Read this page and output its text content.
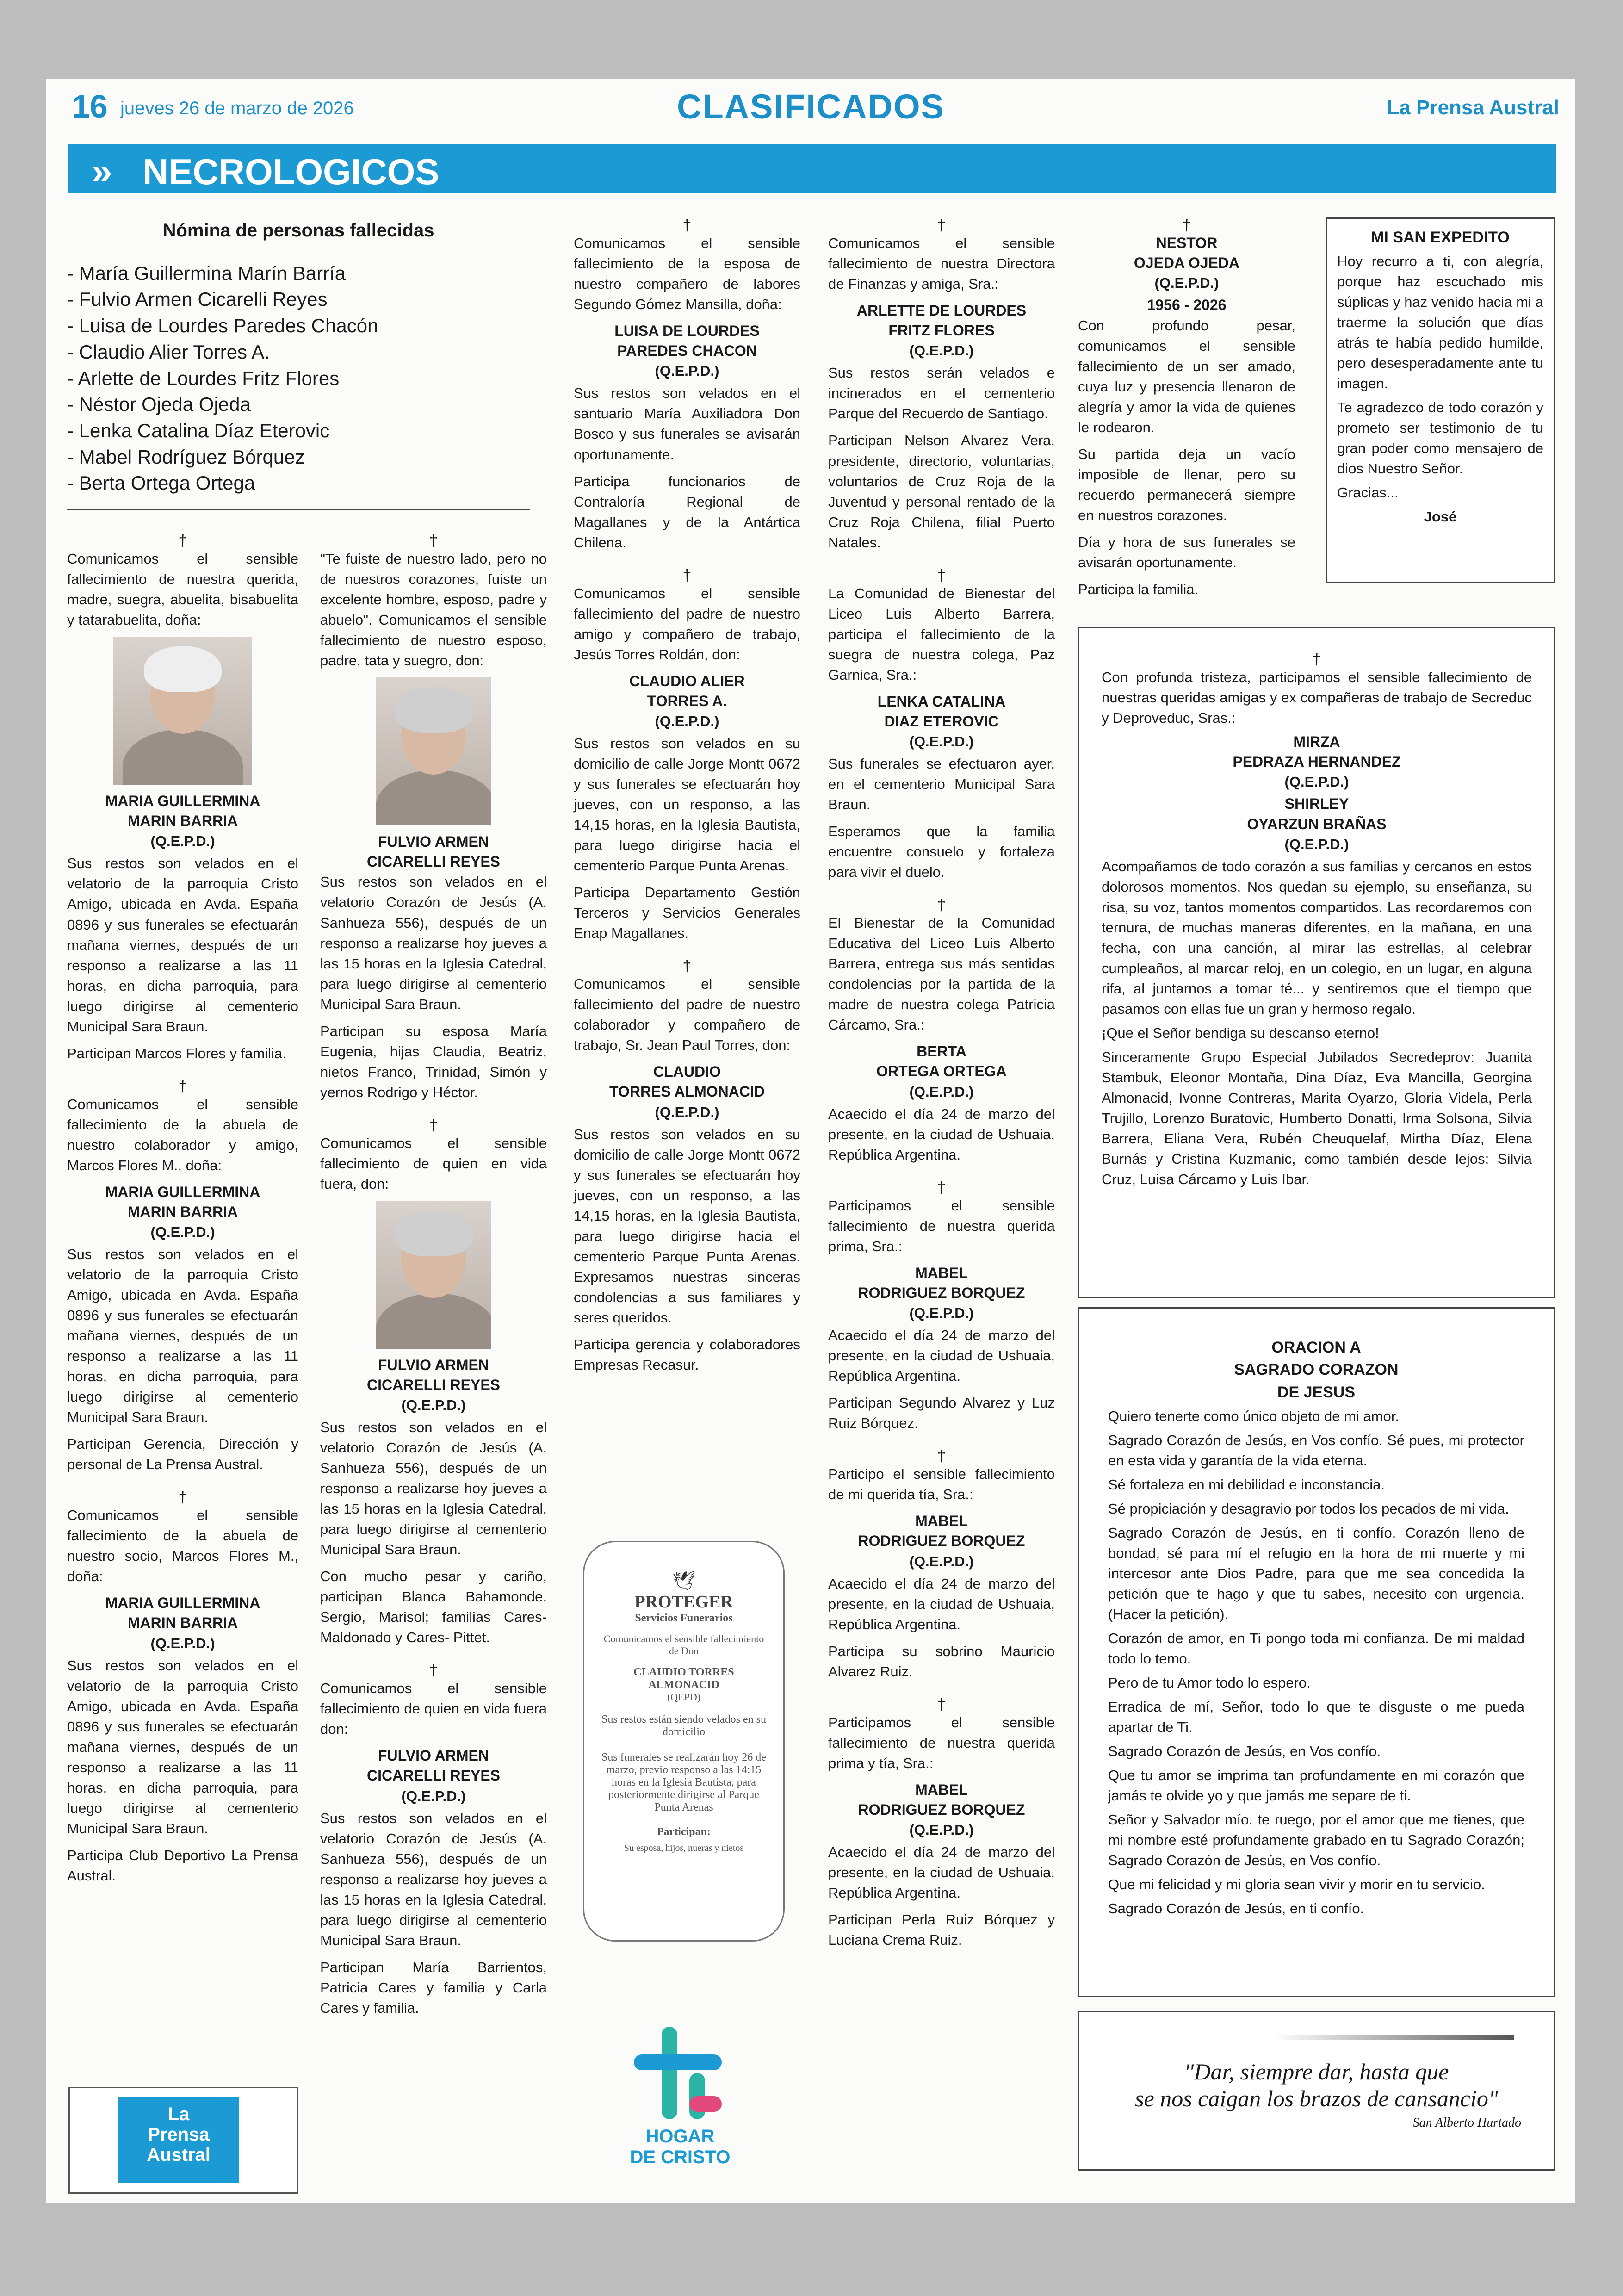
16 jueves 26 de marzo de 2026	CLASIFICADOS	La Prensa Austral
» NECROLOGICOS
Nómina de personas fallecidas
- María Guillermina Marín Barría
- Fulvio Armen Cicarelli Reyes
- Luisa de Lourdes Paredes Chacón
- Claudio Alier Torres A.
- Arlette de Lourdes Fritz Flores
- Néstor Ojeda Ojeda
- Lenka Catalina Díaz Eterovic
- Mabel Rodríguez Bórquez
- Berta Ortega Ortega
†

Comunicamos el sensible fallecimiento de nuestra querida, madre, suegra, abuelita, bisabuelita y tatarabuelita, doña:

MARIA GUILLERMINA
MARIN BARRIA
(Q.E.P.D.)

Sus restos son velados en el velatorio de la parroquia Cristo Amigo, ubicada en Avda. España 0896 y sus funerales se efectuarán mañana viernes, después de un responso a realizarse a las 11 horas, en dicha parroquia, para luego dirigirse al cementerio Municipal Sara Braun.

Participan Marcos Flores y familia.

†

Comunicamos el sensible fallecimiento de la abuela de nuestro colaborador y amigo, Marcos Flores M., doña:

MARIA GUILLERMINA
MARIN BARRIA
(Q.E.P.D.)

Sus restos son velados en el velatorio de la parroquia Cristo Amigo, ubicada en Avda. España 0896 y sus funerales se efectuarán mañana viernes, después de un responso a realizarse a las 11 horas, en dicha parroquia, para luego dirigirse al cementerio Municipal Sara Braun.

Participan Gerencia, Dirección y personal de La Prensa Austral.

†

Comunicamos el sensible fallecimiento de la abuela de nuestro socio, Marcos Flores M., doña:

MARIA GUILLERMINA
MARIN BARRIA
(Q.E.P.D.)

Sus restos son velados en el velatorio de la parroquia Cristo Amigo, ubicada en Avda. España 0896 y sus funerales se efectuarán mañana viernes, después de un responso a realizarse a las 11 horas, en dicha parroquia, para luego dirigirse al cementerio Municipal Sara Braun.

Participa Club Deportivo La Prensa Austral.

La
Prensa
Austral
†

"Te fuiste de nuestro lado, pero no de nuestros corazones, fuiste un excelente hombre, esposo, padre y abuelo". Comunicamos el sensible fallecimiento de nuestro esposo, padre, tata y suegro, don:

FULVIO ARMEN
CICARELLI REYES

Sus restos son velados en el velatorio Corazón de Jesús (A. Sanhueza 556), después de un responso a realizarse hoy jueves a las 15 horas en la Iglesia Catedral, para luego dirigirse al cementerio Municipal Sara Braun.

Participan su esposa María Eugenia, hijas Claudia, Beatriz, nietos Franco, Trinidad, Simón y yernos Rodrigo y Héctor.

†

Comunicamos el sensible fallecimiento de quien en vida fuera, don:

FULVIO ARMEN
CICARELLI REYES
(Q.E.P.D.)

Sus restos son velados en el velatorio Corazón de Jesús (A. Sanhueza 556), después de un responso a realizarse hoy jueves a las 15 horas en la Iglesia Catedral, para luego dirigirse al cementerio Municipal Sara Braun.

Con mucho pesar y cariño, participan Blanca Bahamonde, Sergio, Marisol; familias Cares- Maldonado y Cares- Pittet.

†

Comunicamos el sensible fallecimiento de quien en vida fuera don:

FULVIO ARMEN
CICARELLI REYES
(Q.E.P.D.)

Sus restos son velados en el velatorio Corazón de Jesús (A. Sanhueza 556), después de un responso a realizarse hoy jueves a las 15 horas en la Iglesia Catedral, para luego dirigirse al cementerio Municipal Sara Braun.

Participan María Barrientos, Patricia Cares y familia y Carla Cares y familia.

†

Comunicamos el sensible fallecimiento de la esposa de nuestro compañero de labores Segundo Gómez Mansilla, doña:

LUISA DE LOURDES
PAREDES CHACON
(Q.E.P.D.)

Sus restos son velados en el santuario María Auxiliadora Don Bosco y sus funerales se avisarán oportunamente.

Participa funcionarios de Contraloría Regional de Magallanes y de la Antártica Chilena.

†

Comunicamos el sensible fallecimiento del padre de nuestro amigo y compañero de trabajo, Jesús Torres Roldán, don:

CLAUDIO ALIER
TORRES A.
(Q.E.P.D.)

Sus restos son velados en su domicilio de calle Jorge Montt 0672 y sus funerales se efectuarán hoy jueves, con un responso, a las 14,15 horas, en la Iglesia Bautista, para luego dirigirse hacia el cementerio Parque Punta Arenas.

Participa Departamento Gestión Terceros y Servicios Generales Enap Magallanes.

†

Comunicamos el sensible fallecimiento del padre de nuestro colaborador y compañero de trabajo, Sr. Jean Paul Torres, don:

CLAUDIO
TORRES ALMONACID
(Q.E.P.D.)

Sus restos son velados en su domicilio de calle Jorge Montt 0672 y sus funerales se efectuarán hoy jueves, con un responso, a las 14,15 horas, en la Iglesia Bautista, para luego dirigirse hacia el cementerio Parque Punta Arenas. Expresamos nuestras sinceras condolencias a sus familiares y seres queridos.

Participa gerencia y colaboradores Empresas Recasur.

🕊
PROTEGER
Servicios Funerarios
Comunicamos el sensible fallecimiento de Don
CLAUDIO TORRES ALMONACID
(QEPD)
Sus restos están siendo velados en su domicilio
Sus funerales se realizarán hoy 26 de marzo, previo responso a las 14:15 horas en la Iglesia Bautista, para posteriormente dirigirse al Parque Punta Arenas
Participan:
Su esposa, hijos, nueras y nietos
HOGAR
DE CRISTO
†

Comunicamos el sensible fallecimiento de nuestra Directora de Finanzas y amiga, Sra.:

ARLETTE DE LOURDES
FRITZ FLORES
(Q.E.P.D.)

Sus restos serán velados e incinerados en el cementerio Parque del Recuerdo de Santiago.

Participan Nelson Alvarez Vera, presidente, directorio, voluntarias, voluntarios de Cruz Roja de la Juventud y personal rentado de la Cruz Roja Chilena, filial Puerto Natales.

†

La Comunidad de Bienestar del Liceo Luis Alberto Barrera, participa el fallecimiento de la suegra de nuestra colega, Paz Garnica, Sra.:

LENKA CATALINA
DIAZ ETEROVIC
(Q.E.P.D.)

Sus funerales se efectuaron ayer, en el cementerio Municipal Sara Braun.

Esperamos que la familia encuentre consuelo y fortaleza para vivir el duelo.

†

El Bienestar de la Comunidad Educativa del Liceo Luis Alberto Barrera, entrega sus más sentidas condolencias por la partida de la madre de nuestra colega Patricia Cárcamo, Sra.:

BERTA
ORTEGA ORTEGA
(Q.E.P.D.)

Acaecido el día 24 de marzo del presente, en la ciudad de Ushuaia, República Argentina.

†

Participamos el sensible fallecimiento de nuestra querida prima, Sra.:

MABEL
RODRIGUEZ BORQUEZ
(Q.E.P.D.)

Acaecido el día 24 de marzo del presente, en la ciudad de Ushuaia, República Argentina.

Participan Segundo Alvarez y Luz Ruiz Bórquez.

†

Participo el sensible fallecimiento de mi querida tía, Sra.:

MABEL
RODRIGUEZ BORQUEZ
(Q.E.P.D.)

Acaecido el día 24 de marzo del presente, en la ciudad de Ushuaia, República Argentina.

Participa su sobrino Mauricio Alvarez Ruiz.

†

Participamos el sensible fallecimiento de nuestra querida prima y tía, Sra.:

MABEL
RODRIGUEZ BORQUEZ
(Q.E.P.D.)

Acaecido el día 24 de marzo del presente, en la ciudad de Ushuaia, República Argentina.

Participan Perla Ruiz Bórquez y Luciana Crema Ruiz.

†
NESTOR
OJEDA OJEDA
(Q.E.P.D.)
1956 - 2026

Con profundo pesar, comunicamos el sensible fallecimiento de un ser amado, cuya luz y presencia llenaron de alegría y amor la vida de quienes le rodearon.

Su partida deja un vacío imposible de llenar, pero su recuerdo permanecerá siempre en nuestros corazones.

Día y hora de sus funerales se avisarán oportunamente.

Participa la familia.

MI SAN EXPEDITO

Hoy recurro a ti, con alegría, porque haz escuchado mis súplicas y haz venido hacia mi a traerme la solución que días atrás te había pedido humilde, pero desesperadamente ante tu imagen.

Te agradezco de todo corazón y prometo ser testimonio de tu gran poder como mensajero de dios Nuestro Señor.

Gracias...

José

†

Con profunda tristeza, participamos el sensible fallecimiento de nuestras queridas amigas y ex compañeras de trabajo de Secreduc y Deproveduc, Sras.:

MIRZA
PEDRAZA HERNANDEZ
(Q.E.P.D.)
SHIRLEY
OYARZUN BRAÑAS
(Q.E.P.D.)

Acompañamos de todo corazón a sus familias y cercanos en estos dolorosos momentos. Nos quedan su ejemplo, su enseñanza, su risa, su voz, tantos momentos compartidos. Las recordaremos con ternura, de muchas maneras diferentes, en la mañana, en una fecha, con una canción, al mirar las estrellas, al celebrar cumpleaños, al marcar reloj, en un colegio, en un lugar, en alguna rifa, al juntarnos a tomar té... y sentiremos que el tiempo que pasamos con ellas fue un gran y hermoso regalo.

¡Que el Señor bendiga su descanso eterno!

Sinceramente Grupo Especial Jubilados Secredeprov: Juanita Stambuk, Eleonor Montaña, Dina Díaz, Eva Mancilla, Georgina Almonacid, Ivonne Contreras, Marita Oyarzo, Gloria Videla, Perla Trujillo, Lorenzo Buratovic, Humberto Donatti, Irma Solsona, Silvia Barrera, Eliana Vera, Rubén Cheuquelaf, Mirtha Díaz, Elena Burnás y Cristina Kuzmanic, como también desde lejos: Silvia Cruz, Luisa Cárcamo y Luis Ibar.

ORACION A
SAGRADO CORAZON
DE JESUS

Quiero tenerte como único objeto de mi amor.

Sagrado Corazón de Jesús, en Vos confío. Sé pues, mi protector en esta vida y garantía de la vida eterna.

Sé fortaleza en mi debilidad e inconstancia.

Sé propiciación y desagravio por todos los pecados de mi vida.

Sagrado Corazón de Jesús, en ti confío. Corazón lleno de bondad, sé para mí el refugio en la hora de mi muerte y mi intercesor ante Dios Padre, para que me sea concedida la petición que te hago y que tu sabes, necesito con urgencia. (Hacer la petición).

Corazón de amor, en Ti pongo toda mi confianza. De mi maldad todo lo temo.

Pero de tu Amor todo lo espero.

Erradica de mí, Señor, todo lo que te disguste o me pueda apartar de Ti.

Sagrado Corazón de Jesús, en Vos confío.

Que tu amor se imprima tan profundamente en mi corazón que jamás te olvide yo y que jamás me separe de ti.

Señor y Salvador mío, te ruego, por el amor que me tienes, que mi nombre esté profundamente grabado en tu Sagrado Corazón; Sagrado Corazón de Jesús, en Vos confío.

Que mi felicidad y mi gloria sean vivir y morir en tu servicio.

Sagrado Corazón de Jesús, en ti confío.

"Dar, siempre dar, hasta que
se nos caigan los brazos de cansancio"
San Alberto Hurtado
